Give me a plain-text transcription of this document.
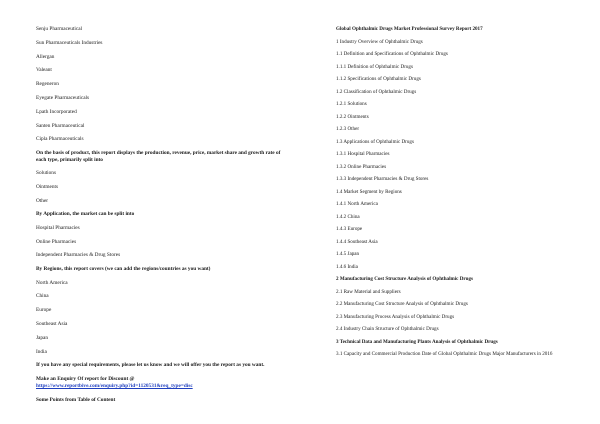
Senju Pharmaceutical
Sun Pharmaceuticals Industries
Allergan
Valeant
Regeneron
Eyegate Pharmaceuticals
Lpath Incorporated
Santen Pharmaceutical
Cipla Pharmaceuticals
On the basis of product, this report displays the production, revenue, price, market share and growth rate of each type, primarily split into
Solutions
Ointments
Other
By Application, the market can be split into
Hospital Pharmacies
Online Pharmacies
Independent Pharmacies & Drug Stores
By Regions, this report covers (we can add the regions/countries as you want)
North America
China
Europe
Southeast Asia
Japan
India
If you have any special requirements, please let us know and we will offer you the report as you want.
Make an Enquiry Of report for Discount @
https://www.reportbive.com/enquiry.php?id=1120531&req_type=disc
Some Points from Table of Content
Global Ophthalmic Drugs Market Professional Survey Report 2017
1 Industry Overview of Ophthalmic Drugs
1.1 Definition and Specifications of Ophthalmic Drugs
1.1.1 Definition of Ophthalmic Drugs
1.1.2 Specifications of Ophthalmic Drugs
1.2 Classification of Ophthalmic Drugs
1.2.1 Solutions
1.2.2 Ointments
1.2.3 Other
1.3 Applications of Ophthalmic Drugs
1.3.1 Hospital Pharmacies
1.3.2 Online Pharmacies
1.3.3 Independent Pharmacies & Drug Stores
1.4 Market Segment by Regions
1.4.1 North America
1.4.2 China
1.4.3 Europe
1.4.4 Southeast Asia
1.4.5 Japan
1.4.6 India
2 Manufacturing Cost Structure Analysis of Ophthalmic Drugs
2.1 Raw Material and Suppliers
2.2 Manufacturing Cost Structure Analysis of Ophthalmic Drugs
2.3 Manufacturing Process Analysis of Ophthalmic Drugs
2.4 Industry Chain Structure of Ophthalmic Drugs
3 Technical Data and Manufacturing Plants Analysis of Ophthalmic Drugs
3.1 Capacity and Commercial Production Date of Global Ophthalmic Drugs Major Manufacturers in 2016
